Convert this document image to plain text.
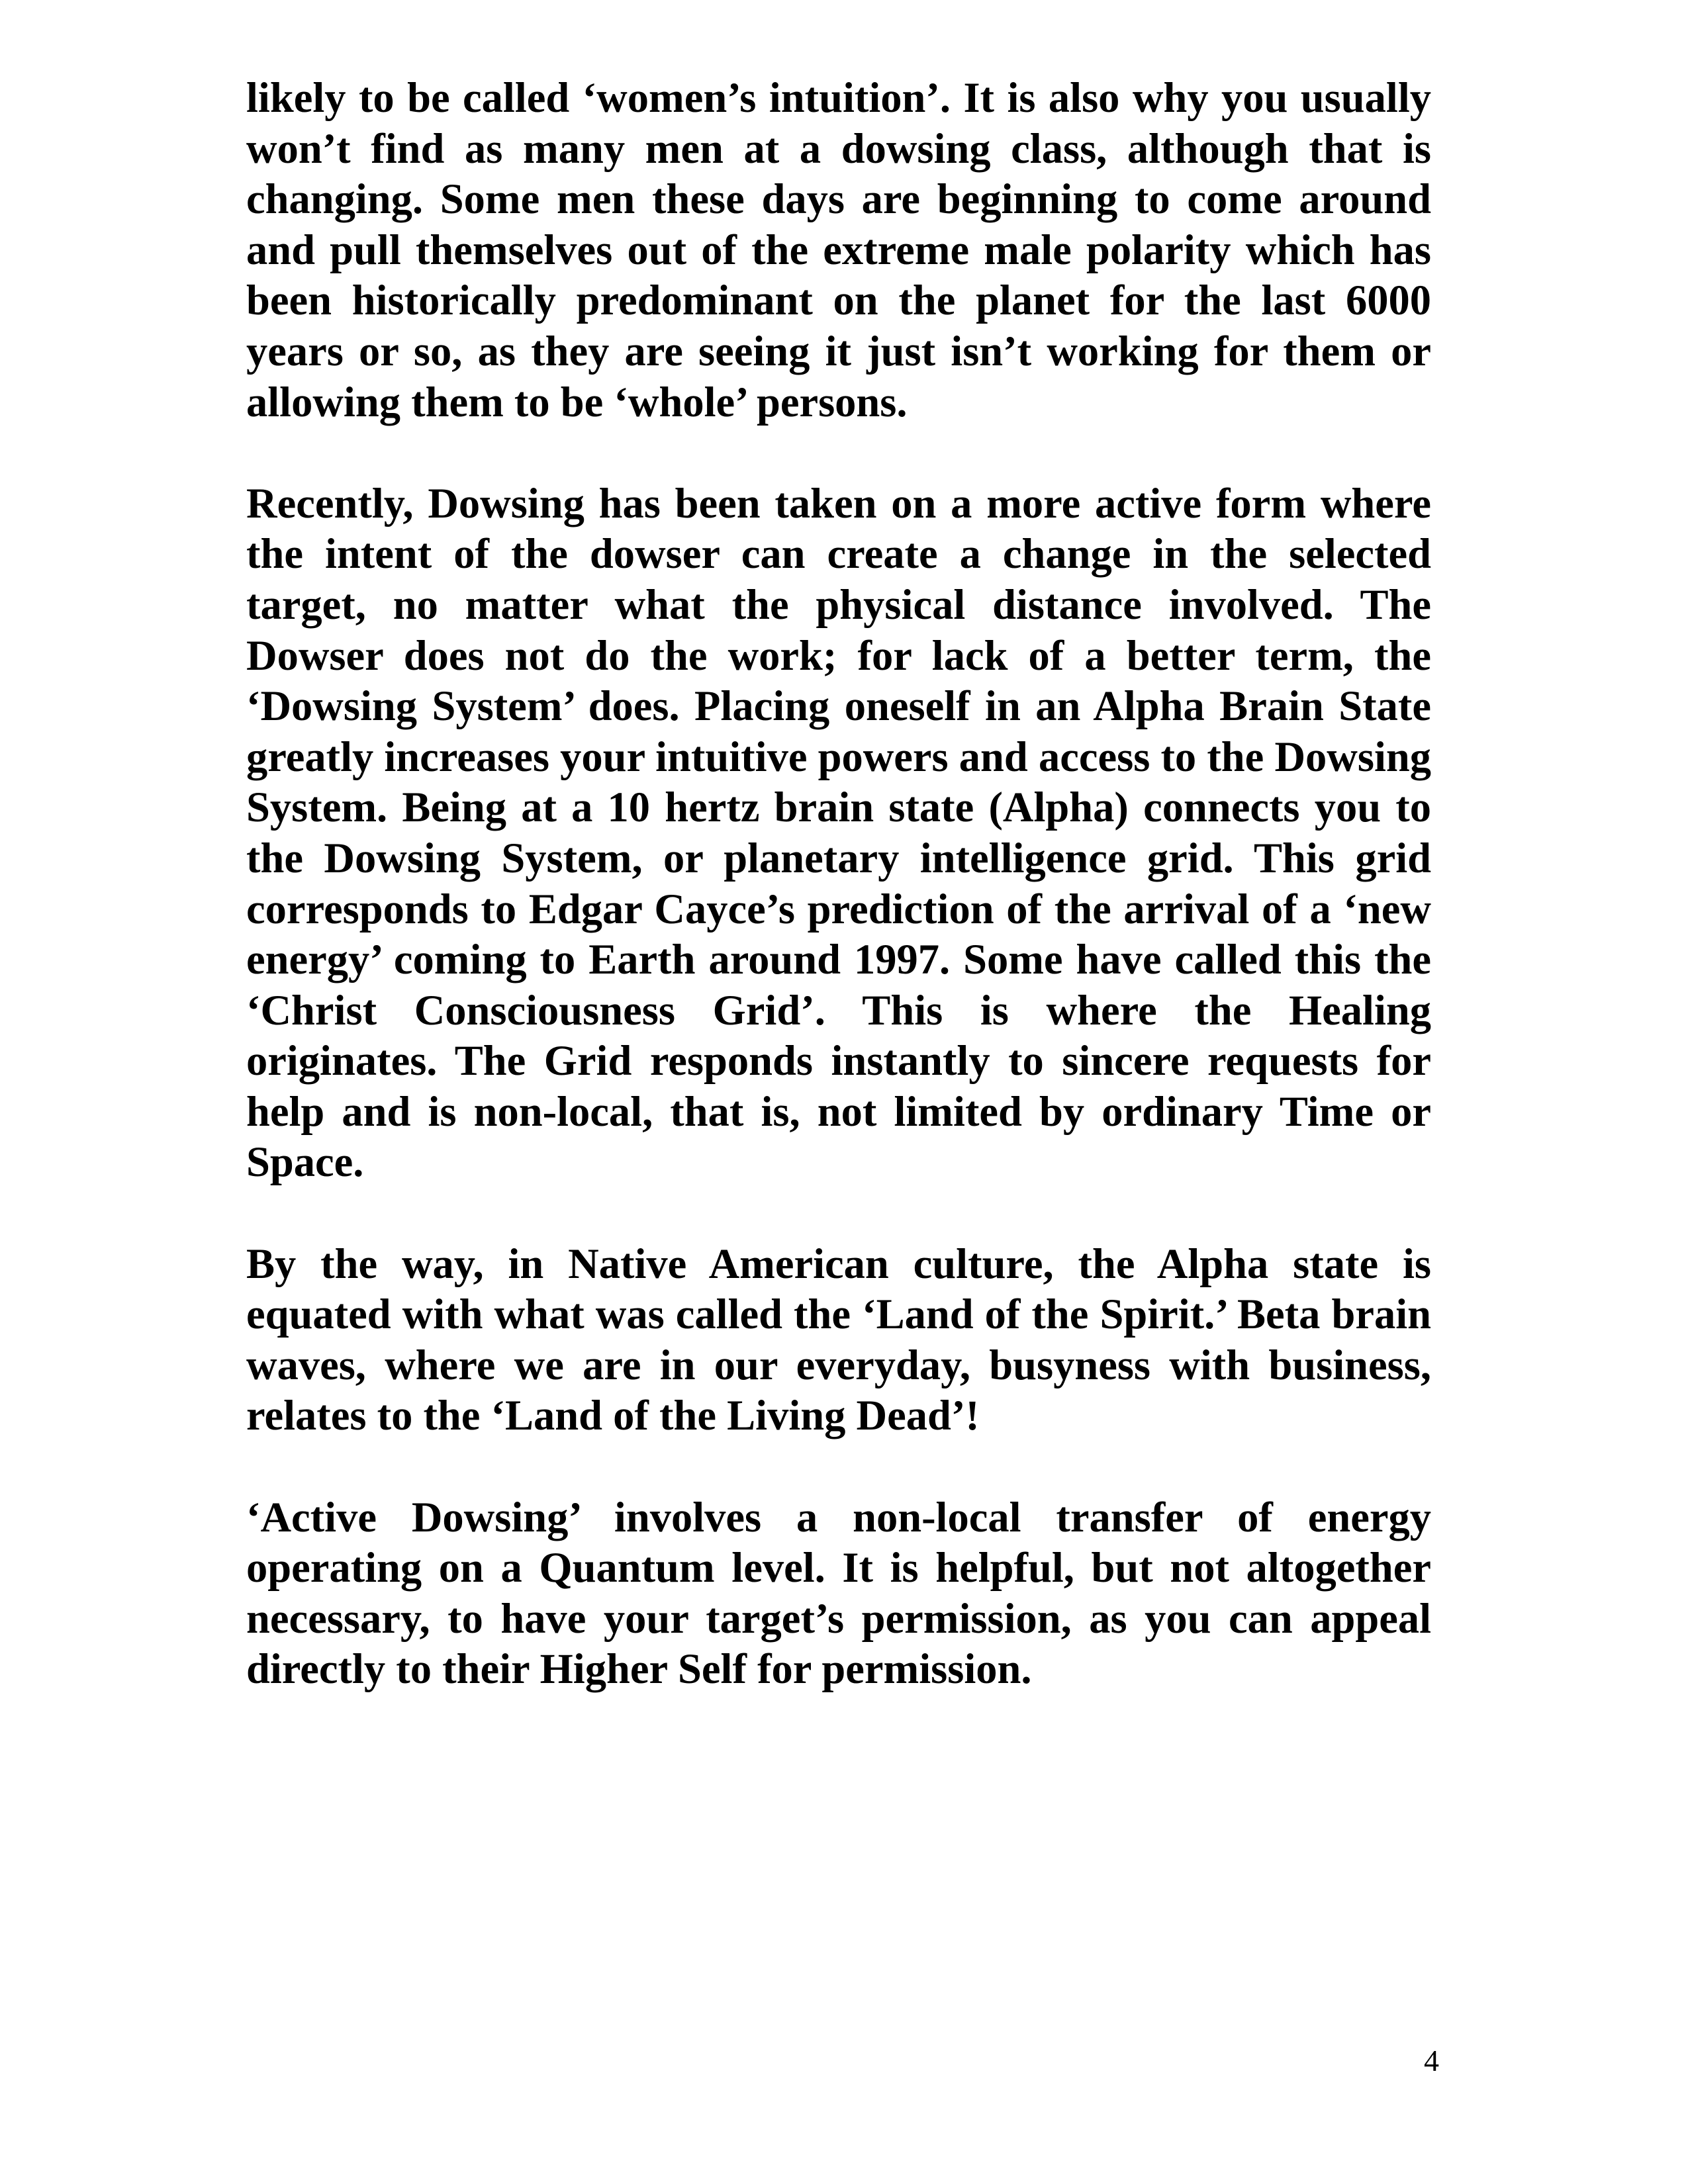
likely to be called ‘women’s intuition’. It is also why you usually won’t find as many men at a dowsing class, although that is changing. Some men these days are beginning to come around and pull themselves out of the extreme male polarity which has been historically predominant on the planet for the last 6000 years or so, as they are seeing it just isn’t working for them or allowing them to be ‘whole’ persons.

Recently, Dowsing has been taken on a more active form where the intent of the dowser can create a change in the selected target, no matter what the physical distance involved. The Dowser does not do the work; for lack of a better term, the ‘Dowsing System’ does. Placing oneself in an Alpha Brain State greatly increases your intuitive powers and access to the Dowsing System. Being at a 10 hertz brain state (Alpha) connects you to the Dowsing System, or planetary intelligence grid. This grid corresponds to Edgar Cayce’s prediction of the arrival of a ‘new energy’ coming to Earth around 1997. Some have called this the ‘Christ Consciousness Grid’. This is where the Healing originates. The Grid responds instantly to sincere requests for help and is non-local, that is, not limited by ordinary Time or Space.

By the way, in Native American culture, the Alpha state is equated with what was called the ‘Land of the Spirit.’ Beta brain waves, where we are in our everyday, busyness with business, relates to the ‘Land of the Living Dead’!

‘Active Dowsing’ involves a non-local transfer of energy operating on a Quantum level. It is helpful, but not altogether necessary, to have your target’s permission, as you can appeal directly to their Higher Self for permission.

4
